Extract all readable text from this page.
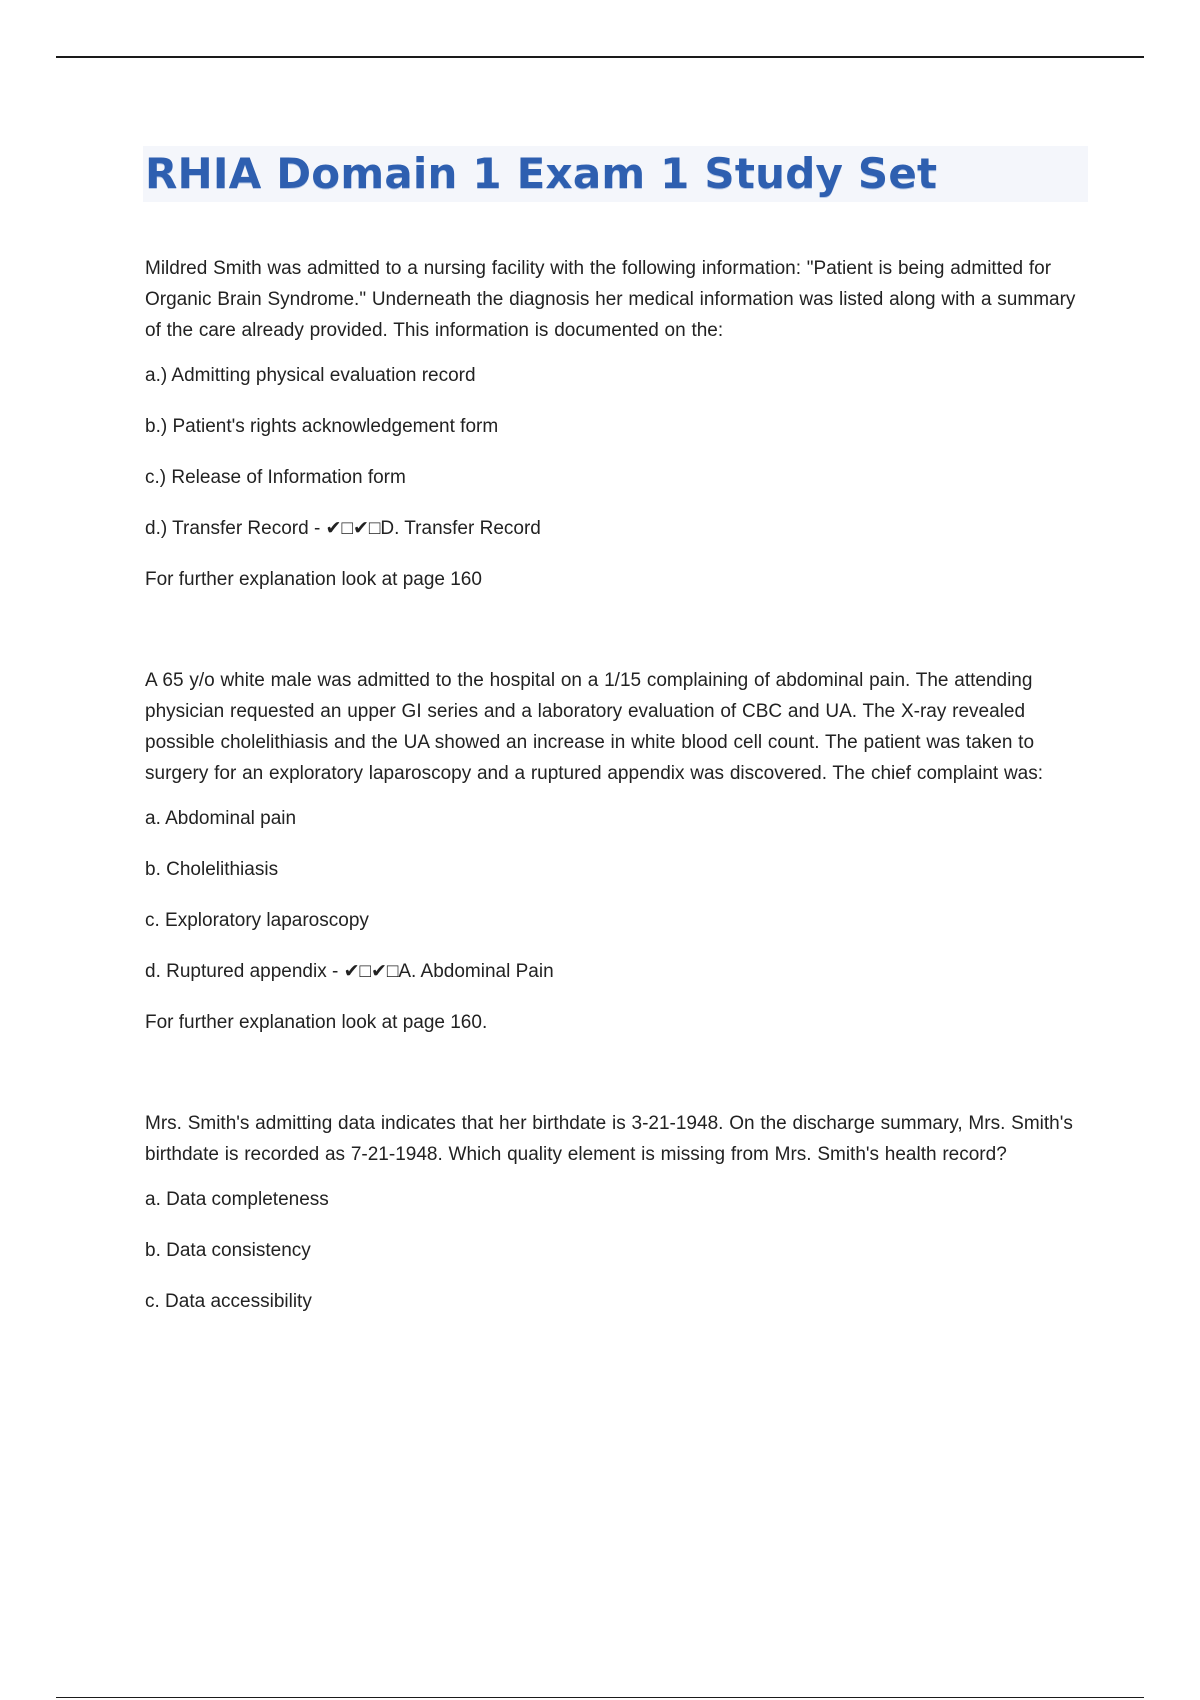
RHIA Domain 1 Exam 1 Study Set

Mildred Smith was admitted to a nursing facility with the following information: "Patient is being admitted for Organic Brain Syndrome." Underneath the diagnosis her medical information was listed along with a summary of the care already provided. This information is documented on the:

a.) Admitting physical evaluation record

b.) Patient's rights acknowledgement form

c.) Release of Information form

d.) Transfer Record - ✔□✔□D. Transfer Record

For further explanation look at page 160

A 65 y/o white male was admitted to the hospital on a 1/15 complaining of abdominal pain. The attending physician requested an upper GI series and a laboratory evaluation of CBC and UA. The X-ray revealed possible cholelithiasis and the UA showed an increase in white blood cell count. The patient was taken to surgery for an exploratory laparoscopy and a ruptured appendix was discovered. The chief complaint was:

a. Abdominal pain

b. Cholelithiasis

c. Exploratory laparoscopy

d. Ruptured appendix - ✔□✔□A. Abdominal Pain

For further explanation look at page 160.

Mrs. Smith's admitting data indicates that her birthdate is 3-21-1948. On the discharge summary, Mrs. Smith's birthdate is recorded as 7-21-1948. Which quality element is missing from Mrs. Smith's health record?

a. Data completeness

b. Data consistency

c. Data accessibility
